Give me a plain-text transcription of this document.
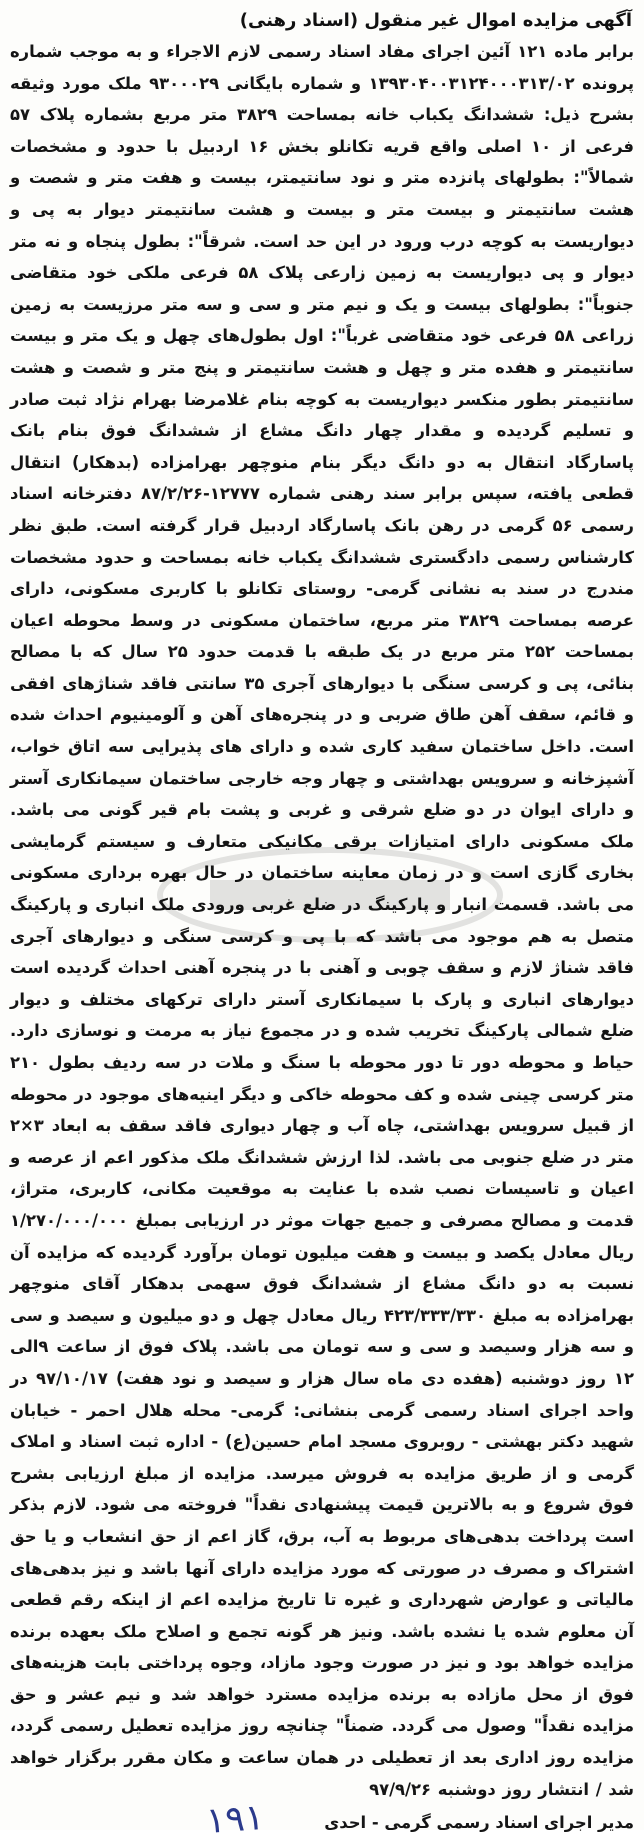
آگهی مزایده اموال غیر منقول (اسناد رهنی)

برابر ماده ۱۲۱ آئین اجرای مفاد اسناد رسمی لازم الاجراء و به موجب شماره پرونده ۱۳۹۳۰۴۰۰۳۱۲۴۰۰۰۳۱۳/۰۲ و شماره بایگانی ۹۳۰۰۰۲۹ ملک مورد وثیقه بشرح ذیل: ششدانگ یکباب خانه بمساحت ۳۸۲۹ متر مربع بشماره پلاک ۵۷ فرعی از ۱۰ اصلی واقع قریه تکانلو بخش ۱۶ اردبیل با حدود و مشخصات شمالاً": بطولهای پانزده متر و نود سانتیمتر، بیست و هفت متر و شصت و هشت سانتیمتر و بیست متر و بیست و هشت سانتیمتر دیوار به پی و دیواریست به کوچه درب ورود در این حد است. شرقاً": بطول پنجاه و نه متر دیوار و پی دیواریست به زمین زارعی پلاک ۵۸ فرعی ملکی خود متقاضی جنوباً": بطولهای بیست و یک و نیم متر و سی و سه متر مرزیست به زمین زراعی ۵۸ فرعی خود متقاضی غرباً": اول بطول‌های چهل و یک متر و بیست سانتیمتر و هفده متر و چهل و هشت سانتیمتر و پنج متر و شصت و هشت سانتیمتر بطور منکسر دیواریست به کوچه بنام غلامرضا بهرام نژاد ثبت صادر و تسلیم گردیده و مقدار چهار دانگ مشاع از ششدانگ فوق بنام بانک پاسارگاد انتقال به دو دانگ دیگر بنام منوچهر بهرامزاده (بدهکار) انتقال قطعی یافته، سپس برابر سند رهنی شماره ۱۲۷۷۷-۸۷/۲/۲۶ دفترخانه اسناد رسمی ۵۶ گرمی در رهن بانک پاسارگاد اردبیل قرار گرفته است. طبق نظر کارشناس رسمی دادگستری ششدانگ یکباب خانه بمساحت و حدود مشخصات مندرج در سند به نشانی گرمی- روستای تکانلو با کاربری مسکونی، دارای عرصه بمساحت ۳۸۲۹ متر مربع، ساختمان مسکونی در وسط محوطه اعیان بمساحت ۲۵۲ متر مربع در یک طبقه با قدمت حدود ۲۵ سال که با مصالح بنائی، پی و کرسی سنگی با دیوارهای آجری ۳۵ سانتی فاقد شناژهای افقی و قائم، سقف آهن طاق ضربی و در پنجره‌های آهن و آلومینیوم احداث شده است. داخل ساختمان سفید کاری شده و دارای های پذیرایی سه اتاق خواب، آشپزخانه و سرویس بهداشتی و چهار وجه خارجی ساختمان سیمانکاری آستر و دارای ایوان در دو ضلع شرقی و غربی و پشت بام قیر گونی می باشد. ملک مسکونی دارای امتیازات برقی مکانیکی متعارف و سیستم گرمایشی بخاری گازی است و در زمان معاینه ساختمان در حال بهره برداری مسکونی می باشد. قسمت انبار و پارکینگ در ضلع غربی ورودی ملک انباری و پارکینگ متصل به هم موجود می باشد که با پی و کرسی سنگی و دیوارهای آجری فاقد شناژ لازم و سقف چوبی و آهنی با در پنجره آهنی احداث گردیده است دیوارهای انباری و پارک با سیمانکاری آستر دارای ترکهای مختلف و دیوار ضلع شمالی پارکینگ تخریب شده و در مجموع نیاز به مرمت و نوسازی دارد. حیاط و محوطه دور تا دور محوطه با سنگ و ملات در سه ردیف بطول ۲۱۰ متر کرسی چینی شده و کف محوطه خاکی و دیگر اینیه‌های موجود در محوطه از قبیل سرویس بهداشتی، چاه آب و چهار دیواری فاقد سقف به ابعاد ۳×۲ متر در ضلع جنوبی می باشد. لذا ارزش ششدانگ ملک مذکور اعم از عرصه و اعیان و تاسیسات نصب شده با عنایت به موقعیت مکانی، کاربری، متراژ، قدمت و مصالح مصرفی و جمیع جهات موثر در ارزیابی بمبلغ ۱/۲۷۰/۰۰۰/۰۰۰ ریال معادل یکصد و بیست و هفت میلیون تومان برآورد گردیده که مزایده آن نسبت به دو دانگ مشاع از ششدانگ فوق سهمی بدهکار آقای منوچهر بهرامزاده به مبلغ ۴۲۳/۳۳۳/۳۳۰ ریال معادل چهل و دو میلیون و سیصد و سی و سه هزار وسیصد و سی و سه تومان می باشد. پلاک فوق از ساعت ۹الی ۱۲ روز دوشنبه (هفده دی ماه سال هزار و سیصد و نود هفت) ۹۷/۱۰/۱۷ در واحد اجرای اسناد رسمی گرمی بنشانی: گرمی- محله هلال احمر - خیابان شهید دکتر بهشتی - روبروی مسجد امام حسین(ع) - اداره ثبت اسناد و املاک گرمی و از طریق مزایده به فروش میرسد. مزایده از مبلغ ارزیابی بشرح فوق شروع و به بالاترین قیمت پیشنهادی نقداً" فروخته می شود. لازم بذکر است پرداخت بدهی‌های مربوط به آب، برق، گاز اعم از حق انشعاب و یا حق اشتراک و مصرف در صورتی که مورد مزایده دارای آنها باشد و نیز بدهی‌های مالیاتی و عوارض شهرداری و غیره تا تاریخ مزایده اعم از اینکه رقم قطعی آن معلوم شده یا نشده باشد. ونیز هر گونه تجمع و اصلاح ملک بعهده برنده مزایده خواهد بود و نیز در صورت وجود مازاد، وجوه پرداختی بابت هزینه‌های فوق از محل مازاده به برنده مزایده مسترد خواهد شد و نیم عشر و حق مزایده نقداً" وصول می گردد. ضمناً" چنانچه روز مزایده تعطیل رسمی گردد، مزایده روز اداری بعد از تعطیلی در همان ساعت و مکان مقرر برگزار خواهد شد / انتشار روز دوشنبه ۹۷/۹/۲۶

مدیر اجرای اسناد رسمی گرمی - احدی

۱۹۱
